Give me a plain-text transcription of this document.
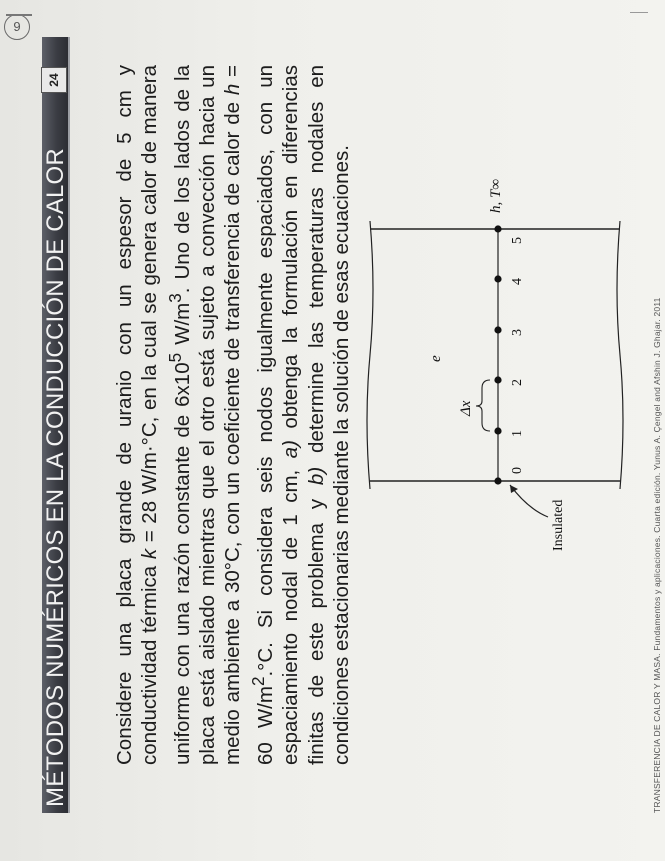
9
MÉTODOS NUMÉRICOS EN LA CONDUCCIÓN DE CALOR
24	Considere una placa grande de uranio con un espesor de 5 cm y conductividad térmica k = 28 W/m·°C, en la cual se genera calor de manera uniforme con una razón constante de $6x10^5$ $W/m^3$. Uno de los lados de la placa está aislado mientras que el otro está sujeto a convección hacia un medio ambiente a 30°C, con un coeficiente de transferencia de calor de h = 60 $W/m^2.^\circ C$. Si considera seis nodos igualmente espaciados, con un espaciamiento nodal de 1 cm, a) obtenga la formulación en diferencias finitas de este problema y b) determine las temperaturas nodales en condiciones estacionarias mediante la solución de esas ecuaciones.	0
1
2
3
4
5
Δx
e
Insulated
h, T∞
TRANSFERENCIA DE CALOR Y MASA. Fundamentos y aplicaciones. Cuarta edición. Yunus A. Çengel and Afshin J. Ghajar. 2011
